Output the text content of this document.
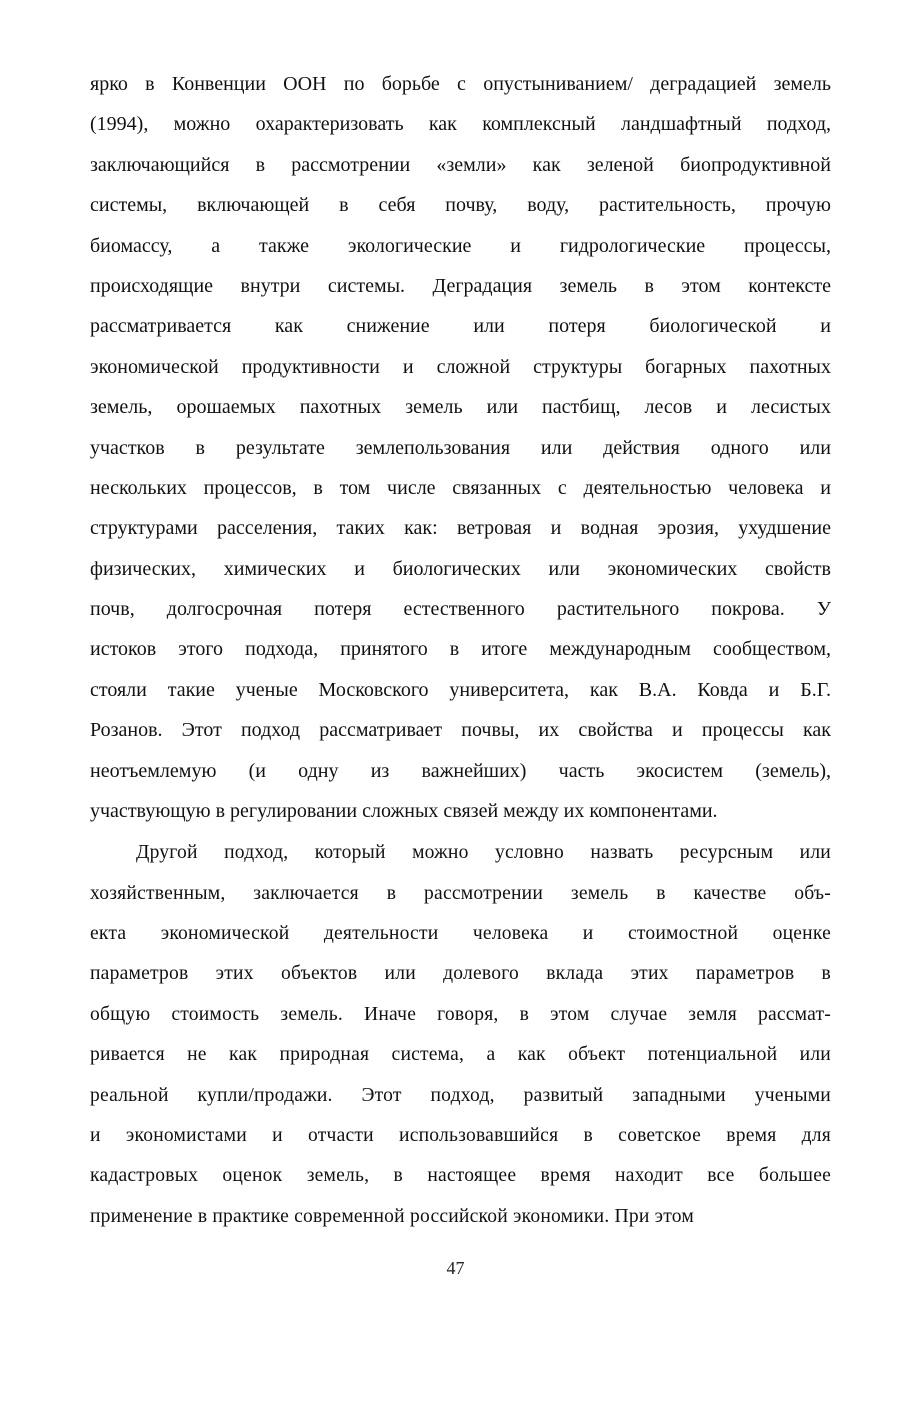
ярко в Конвенции ООН по борьбе с опустыниванием/ деградацией земель
(1994), можно охарактеризовать как комплексный ландшафтный подход,
заключающийся в рассмотрении «земли» как зеленой биопродуктивной
системы, включающей в себя почву, воду, растительность, прочую
биомассу, а также экологические и гидрологические процессы,
происходящие внутри системы. Деградация земель в этом контексте
рассматривается как снижение или потеря биологической и
экономической продуктивности и сложной структуры богарных пахотных
земель, орошаемых пахотных земель или пастбищ, лесов и лесистых
участков в результате землепользования или действия одного или
нескольких процессов, в том числе связанных с деятельностью человека и
структурами расселения, таких как: ветровая и водная эрозия, ухудшение
физических, химических и биологических или экономических свойств
почв, долгосрочная потеря естественного растительного покрова. У
истоков этого подхода, принятого в итоге международным сообществом,
стояли такие ученые Московского университета, как В.А. Ковда и Б.Г.
Розанов. Этот подход рассматривает почвы, их свойства и процессы как
неотъемлемую (и одну из важнейших) часть экосистем (земель),
участвующую в регулировании сложных связей между их компонентами.
Другой подход, который можно условно назвать ресурсным или
хозяйственным, заключается в рассмотрении земель в качестве объ-
екта экономической деятельности человека и стоимостной оценке
параметров этих объектов или долевого вклада этих параметров в
общую стоимость земель. Иначе говоря, в этом случае земля рассмат-
ривается не как природная система, а как объект потенциальной или
реальной купли/продажи. Этот подход, развитый западными учеными
и экономистами и отчасти использовавшийся в советское время для
кадастровых оценок земель, в настоящее время находит все большее
применение в практике современной российской экономики. При этом
47
